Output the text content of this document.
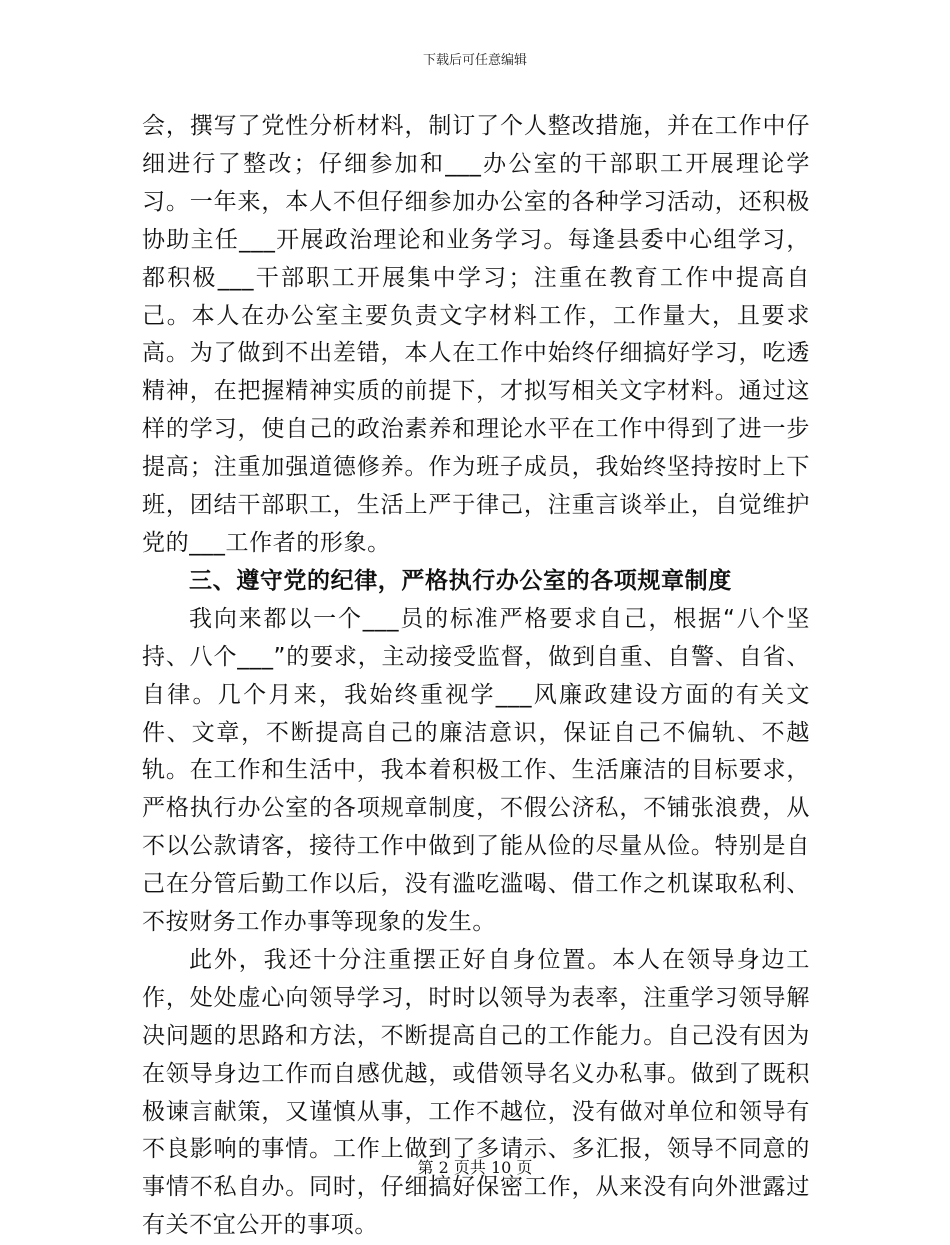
下载后可任意编辑

会，撰写了党性分析材料，制订了个人整改措施，并在工作中仔细进行了整改；仔细参加和___办公室的干部职工开展理论学习。一年来，本人不但仔细参加办公室的各种学习活动，还积极协助主任___开展政治理论和业务学习。每逢县委中心组学习，都积极___干部职工开展集中学习；注重在教育工作中提高自己。本人在办公室主要负责文字材料工作，工作量大，且要求高。为了做到不出差错，本人在工作中始终仔细搞好学习，吃透精神，在把握精神实质的前提下，才拟写相关文字材料。通过这样的学习，使自己的政治素养和理论水平在工作中得到了进一步提高；注重加强道德修养。作为班子成员，我始终坚持按时上下班，团结干部职工，生活上严于律己，注重言谈举止，自觉维护党的___工作者的形象。

三、遵守党的纪律，严格执行办公室的各项规章制度

我向来都以一个___员的标准严格要求自己，根据“八个坚持、八个___”的要求，主动接受监督，做到自重、自警、自省、自律。几个月来，我始终重视学___风廉政建设方面的有关文件、文章，不断提高自己的廉洁意识，保证自己不偏轨、不越轨。在工作和生活中，我本着积极工作、生活廉洁的目标要求，严格执行办公室的各项规章制度，不假公济私，不铺张浪费，从不以公款请客，接待工作中做到了能从俭的尽量从俭。特别是自己在分管后勤工作以后，没有滥吃滥喝、借工作之机谋取私利、不按财务工作办事等现象的发生。

此外，我还十分注重摆正好自身位置。本人在领导身边工作，处处虚心向领导学习，时时以领导为表率，注重学习领导解决问题的思路和方法，不断提高自己的工作能力。自己没有因为在领导身边工作而自感优越，或借领导名义办私事。做到了既积极谏言献策，又谨慎从事，工作不越位，没有做对单位和领导有不良影响的事情。工作上做到了多请示、多汇报，领导不同意的事情不私自办。同时，仔细搞好保密工作，从来没有向外泄露过有关不宜公开的事项。

第 2 页共 10 页
